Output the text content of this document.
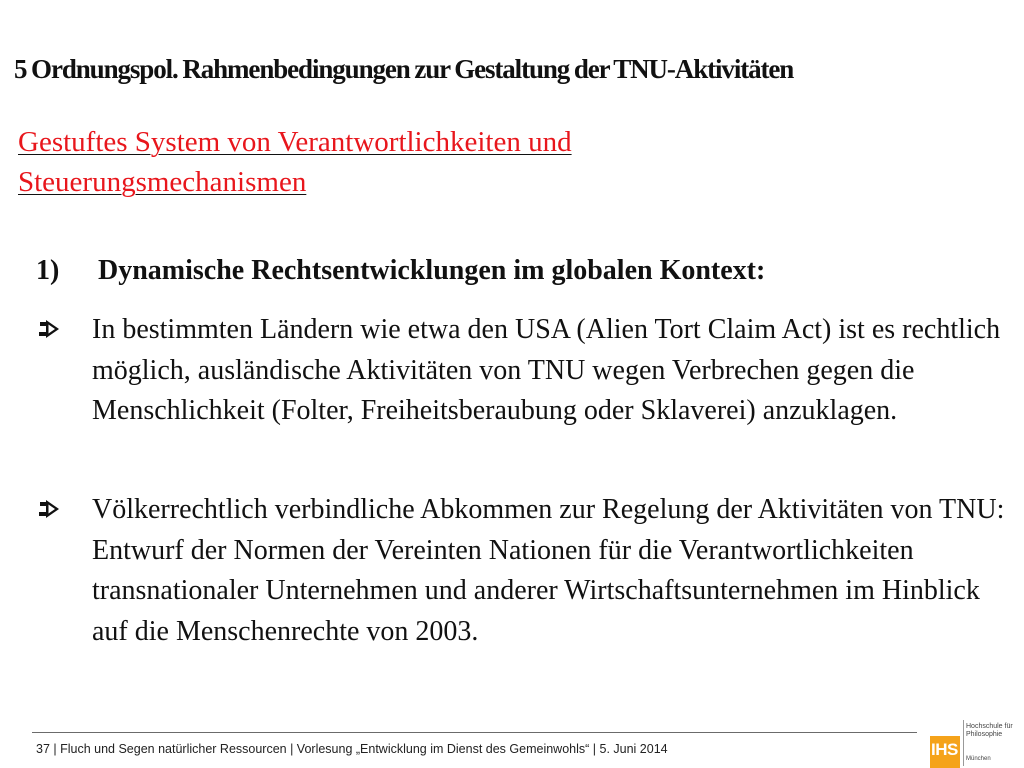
5 Ordnungspol. Rahmenbedingungen zur Gestaltung der TNU-Aktivitäten
Gestuftes System von Verantwortlichkeiten und Steuerungsmechanismen
1) Dynamische Rechtsentwicklungen im globalen Kontext:
In bestimmten Ländern wie etwa den USA (Alien Tort Claim Act) ist es rechtlich möglich, ausländische Aktivitäten von TNU wegen Verbrechen gegen die Menschlichkeit (Folter, Freiheitsberaubung oder Sklaverei) anzuklagen.
Völkerrechtlich verbindliche Abkommen zur Regelung der Aktivitäten von TNU: Entwurf der Normen der Vereinten Nationen für die Verantwortlichkeiten transnationaler Unternehmen und anderer Wirtschaftsunternehmen im Hinblick auf die Menschenrechte von 2003.
37 | Fluch und Segen natürlicher Ressourcen | Vorlesung „Entwicklung im Dienst des Gemeinwohls“ | 5. Juni 2014	IHS
Hochschule für
Philosophie
München
